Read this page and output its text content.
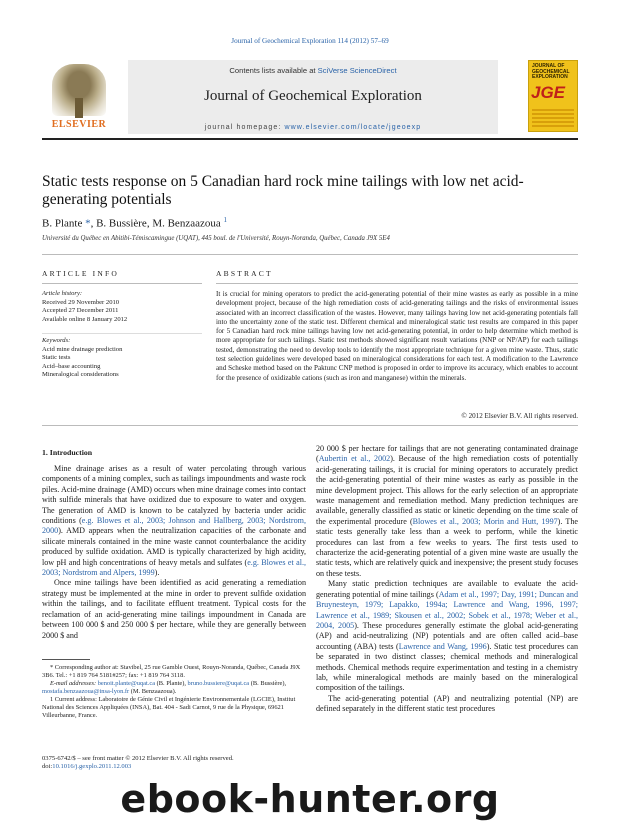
Journal of Geochemical Exploration 114 (2012) 57–69
ELSEVIER
Contents lists available at SciVerse ScienceDirect
Journal of Geochemical Exploration
journal homepage: www.elsevier.com/locate/jgeoexp
JOURNAL OF GEOCHEMICAL EXPLORATION
JGE
Static tests response on 5 Canadian hard rock mine tailings with low net acid-generating potentials
B. Plante *, B. Bussière, M. Benzaazoua $^1$
Université du Québec en Abitibi-Témiscamingue (UQAT), 445 boul. de l'Université, Rouyn-Noranda, Québec, Canada J9X 5E4
ARTICLE INFO	ABSTRACT
Article history:
Received 29 November 2010
Accepted 27 December 2011
Available online 8 January 2012
Keywords:
Acid mine drainage prediction
Static tests
Acid–base accounting
Mineralogical considerations
It is crucial for mining operators to predict the acid-generating potential of their mine wastes as early as possible in a mine development project, because of the high remediation costs of acid-generating tailings and the risks of environmental issues associated with an incorrect classification of the wastes. However, many tailings having low net acid-generating potentials fall into the uncertainty zone of the static test. Different chemical and mineralogical static test results are compared in this paper for 5 Canadian hard rock mine tailings having low net acid-generating potential, in order to help determine which method is more appropriate for such tailings. Static test methods showed significant result variations (NNP or NP/AP) for each tailings tested, demonstrating the need to develop tools to identify the most appropriate technique for a given mine waste. Thus, static test selection guidelines were developed based on mineralogical considerations for each test. A modification to the Lawrence and Scheske method based on the Paktunc CNP method is proposed in order to improve its accuracy, which enables to account for the presence of oxidizable cations (such as iron and manganese) within the minerals.
© 2012 Elsevier B.V. All rights reserved.
1. Introduction
Mine drainage arises as a result of water percolating through various components of a mining complex, such as tailings impoundments and waste rock piles. Acid-mine drainage (AMD) occurs when mine drainage comes into contact with sulfide minerals that have oxidized due to exposure to water and oxygen. The generation of AMD is known to be catalyzed by bacteria under acidic conditions (e.g. Blowes et al., 2003; Johnson and Hallberg, 2003; Nordstrom, 2000). AMD appears when the neutralization capacities of the carbonate and silicate minerals contained in the mine waste cannot counterbalance the acidity produced by sulfide oxidation. AMD is typically characterized by high acidity, low pH and high concentrations of heavy metals and sulfates (e.g. Blowes et al., 2003; Nordstrom and Alpers, 1999).
Once mine tailings have been identified as acid generating a remediation strategy must be implemented at the mine in order to prevent sulfide oxidation within the tailings, and to facilitate effluent treatment. Typical costs for the reclamation of an acid-generating mine tailings impoundment in Canada are between 100 000 $ and 250 000 $ per hectare, while they are generally between 2000 $ and
20 000 $ per hectare for tailings that are not generating contaminated drainage (Aubertin et al., 2002). Because of the high remediation costs of potentially acid-generating tailings, it is crucial for mining operators to accurately predict the acid-generating potential of their mine wastes as early as possible in the mine development project. This allows for the early selection of an appropriate waste management and remediation method. Many prediction techniques are available, generally classified as static or kinetic depending on the time scale of the experimental procedure (Blowes et al., 2003; Morin and Hutt, 1997). The static tests generally take less than a week to perform, while the kinetic procedures can last from a few weeks to years. The first tests used to characterize the acid-generating potential of a given mine waste are usually the static tests, which are relatively quick and inexpensive; the present study focuses on these tests.
Many static prediction techniques are available to evaluate the acid-generating potential of mine tailings (Adam et al., 1997; Day, 1991; Duncan and Bruynesteyn, 1979; Lapakko, 1994a; Lawrence and Wang, 1996, 1997; Lawrence et al., 1989; Skousen et al., 2002; Sobek et al., 1978; Weber et al., 2004, 2005). These procedures generally estimate the global acid-generating (AP) and acid-neutralizing (NP) potentials and are often called acid–base accounting (ABA) tests (Lawrence and Wang, 1996). Static test procedures can be separated in two distinct classes; chemical methods and mineralogical methods. Chemical methods require experimentation and testing in a chemistry lab, while mineralogical methods are mainly based on the mineralogical composition of the tailings.
The acid-generating potential (AP) and neutralizing potential (NP) are defined separately in the different static test procedures
* Corresponding author at: Stavibel, 25 rue Gamble Ouest, Rouyn-Noranda, Québec, Canada J9X 3B6. Tel.: +1 819 764 5181#257; fax: +1 819 764 3118.
E-mail addresses: benoit.plante@uqat.ca (B. Plante), bruno.bussiere@uqat.ca (B. Bussière), mostafa.benzaazoua@insa-lyon.fr (M. Benzaazoua).
1 Current address: Laboratoire de Génie Civil et Ingénierie Environnementale (LGCIE), Institut National des Sciences Appliquées (INSA), Bat. 404 - Sadi Carnot, 9 rue de la Physique, 69621 Villeurbanne, France.
0375-6742/$ – see front matter © 2012 Elsevier B.V. All rights reserved.
doi:10.1016/j.gexplo.2011.12.003
ebook-hunter.org
